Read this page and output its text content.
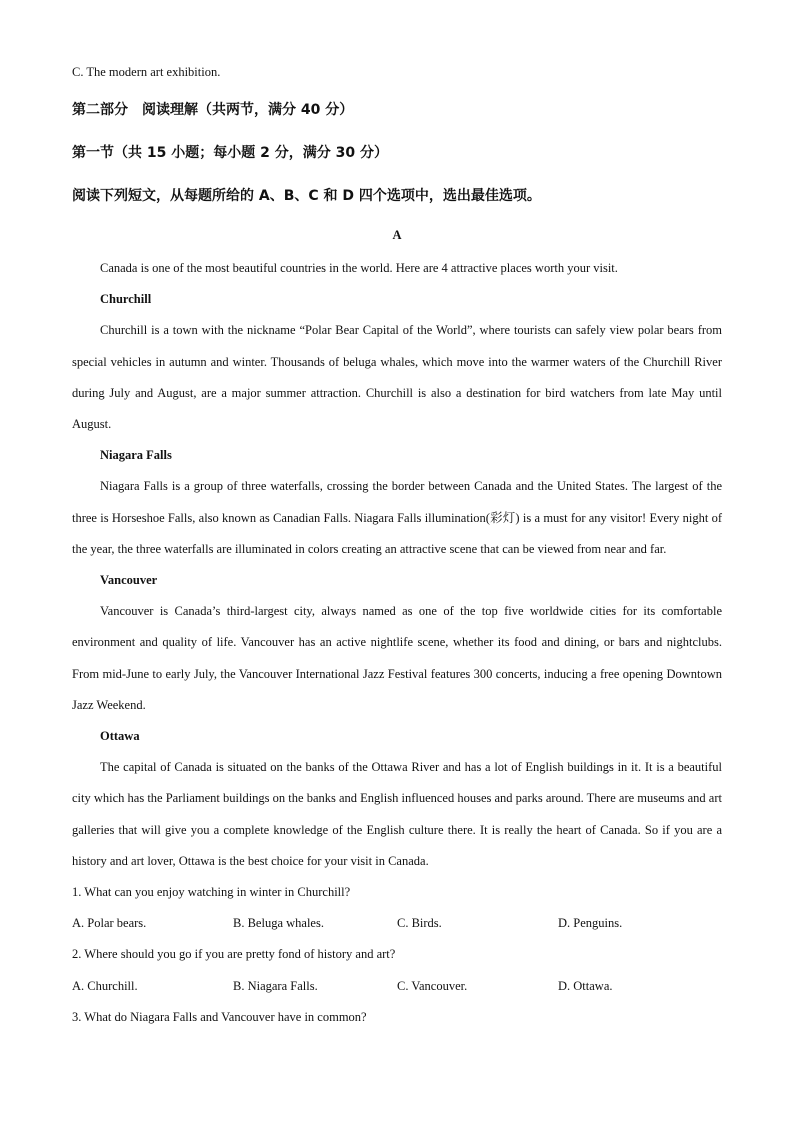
C. The modern art exhibition.

第二部分　阅读理解（共两节，满分 40 分）

第一节（共 15 小题；每小题 2 分，满分 30 分）

阅读下列短文，从每题所给的 A、B、C 和 D 四个选项中，选出最佳选项。

A

Canada is one of the most beautiful countries in the world. Here are 4 attractive places worth your visit.

Churchill

Churchill is a town with the nickname “Polar Bear Capital of the World”, where tourists can safely view polar bears from special vehicles in autumn and winter. Thousands of beluga whales, which move into the warmer waters of the Churchill River during July and August, are a major summer attraction. Churchill is also a destination for bird watchers from late May until August.

Niagara Falls

Niagara Falls is a group of three waterfalls, crossing the border between Canada and the United States. The largest of the three is Horseshoe Falls, also known as Canadian Falls. Niagara Falls illumination(彩灯) is a must for any visitor! Every night of the year, the three waterfalls are illuminated in colors creating an attractive scene that can be viewed from near and far.

Vancouver

Vancouver is Canada’s third-largest city, always named as one of the top five worldwide cities for its comfortable environment and quality of life. Vancouver has an active nightlife scene, whether its food and dining, or bars and nightclubs. From mid-June to early July, the Vancouver International Jazz Festival features 300 concerts, inducing a free opening Downtown Jazz Weekend.

Ottawa

The capital of Canada is situated on the banks of the Ottawa River and has a lot of English buildings in it. It is a beautiful city which has the Parliament buildings on the banks and English influenced houses and parks around. There are museums and art galleries that will give you a complete knowledge of the English culture there. It is really the heart of Canada. So if you are a history and art lover, Ottawa is the best choice for your visit in Canada.

1. What can you enjoy watching in winter in Churchill?

A. Polar bears.	B. Beluga whales.	C. Birds.	D. Penguins.

2. Where should you go if you are pretty fond of history and art?

A. Churchill.	B. Niagara Falls.	C. Vancouver.	D. Ottawa.

3. What do Niagara Falls and Vancouver have in common?
